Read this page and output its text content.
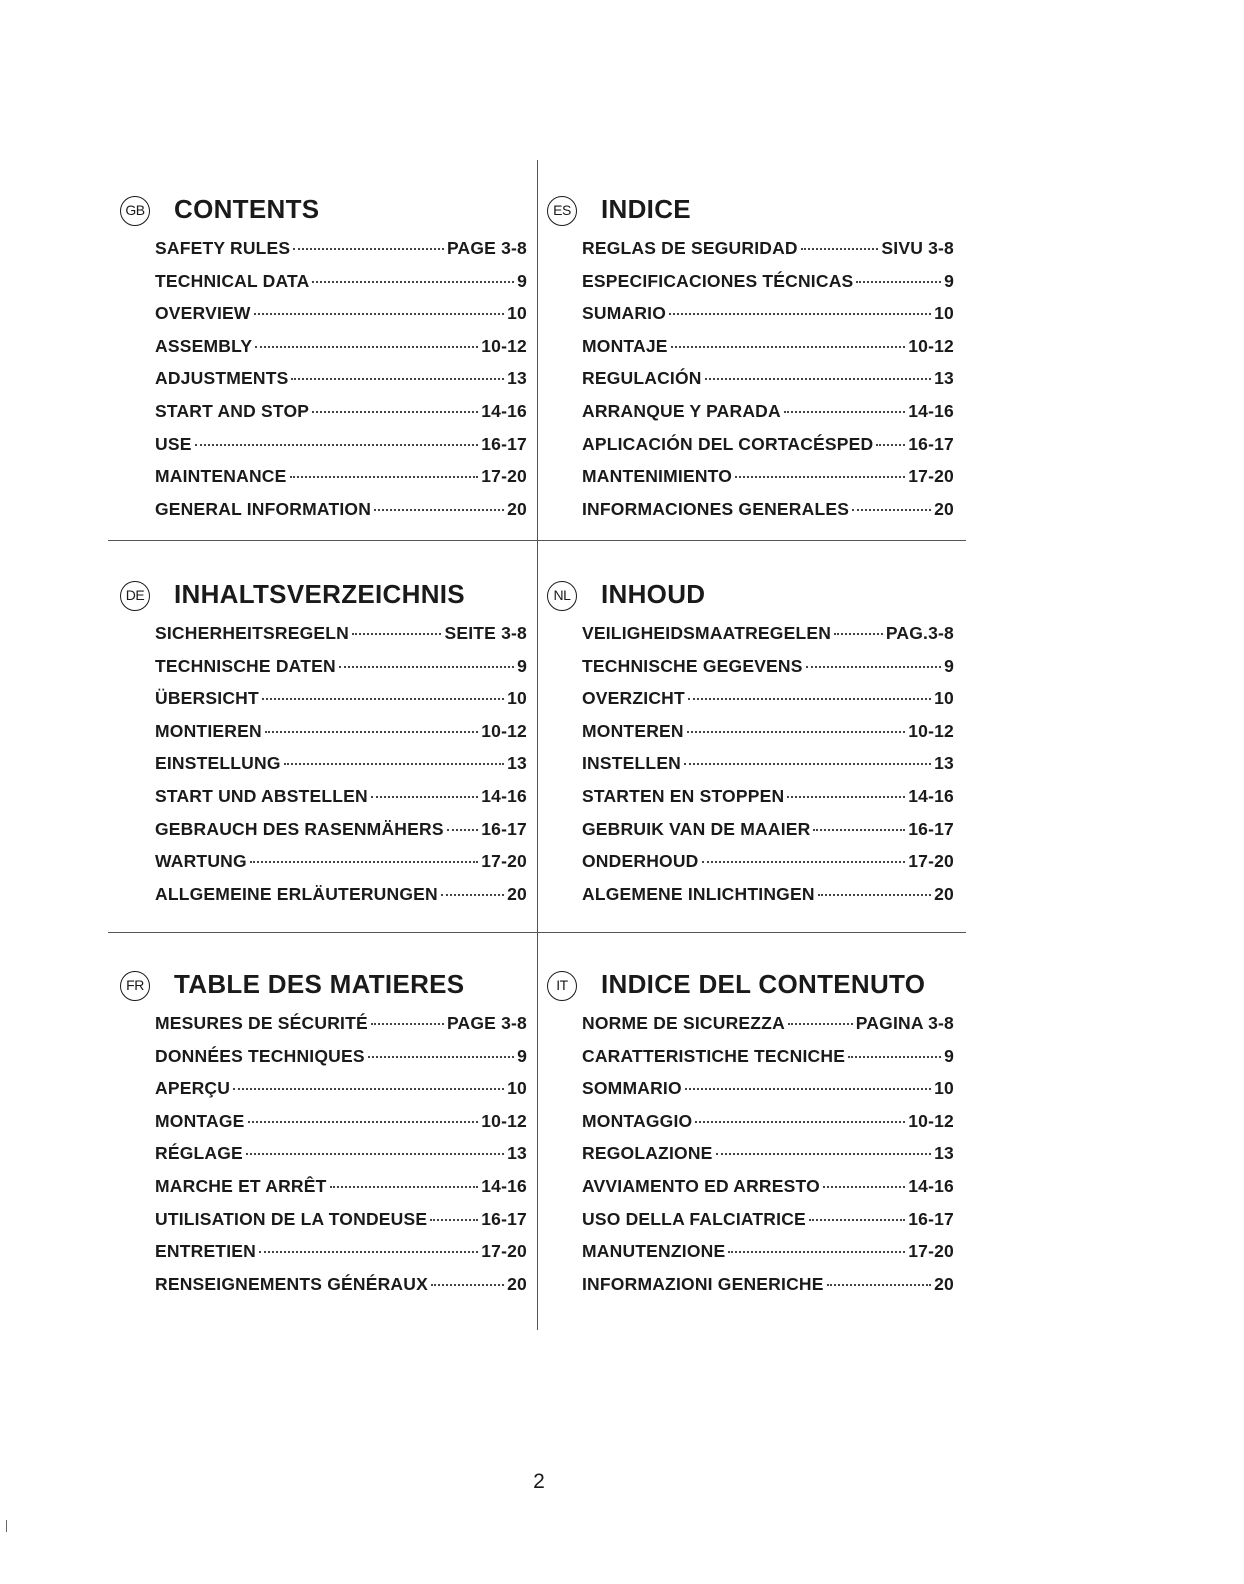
GB CONTENTS
SAFETY RULES	PAGE 3-8
TECHNICAL DATA	9
OVERVIEW	10
ASSEMBLY	10-12
ADJUSTMENTS	13
START AND STOP	14-16
USE	16-17
MAINTENANCE	17-20
GENERAL INFORMATION	20
ES INDICE
REGLAS DE SEGURIDAD	SIVU 3-8
ESPECIFICACIONES TÉCNICAS	9
SUMARIO	10
MONTAJE	10-12
REGULACIÓN	13
ARRANQUE Y PARADA	14-16
APLICACIÓN DEL CORTACÉSPED 16-17
MANTENIMIENTO	17-20
INFORMACIONES GENERALES	20
DE INHALTSVERZEICHNIS
SICHERHEITSREGELN	SEITE 3-8
TECHNISCHE DATEN	9
ÜBERSICHT	10
MONTIEREN	10-12
EINSTELLUNG	13
START UND ABSTELLEN	14-16
GEBRAUCH DES RASENMÄHERS 16-17
WARTUNG	17-20
ALLGEMEINE ERLÄUTERUNGEN	20
NL INHOUD
VEILIGHEIDSMAATREGELEN	PAG.3-8
TECHNISCHE GEGEVENS	9
OVERZICHT	10
MONTEREN	10-12
INSTELLEN	13
STARTEN EN STOPPEN	14-16
GEBRUIK VAN DE MAAIER	16-17
ONDERHOUD	17-20
ALGEMENE INLICHTINGEN	20
FR TABLE DES MATIERES
MESURES DE SÉCURITÉ	PAGE 3-8
DONNÉES TECHNIQUES	9
APERÇU	10
MONTAGE	10-12
RÉGLAGE	13
MARCHE ET ARRÊT	14-16
UTILISATION DE LA TONDEUSE	16-17
ENTRETIEN	17-20
RENSEIGNEMENTS GÉNÉRAUX	20
IT	INDICE DEL CONTENUTO
NORME DE SICUREZZA	PAGINA 3-8
CARATTERISTICHE TECNICHE	9
SOMMARIO	10
MONTAGGIO	10-12
REGOLAZIONE	13
AVVIAMENTO ED ARRESTO	14-16
USO DELLA FALCIATRICE	16-17
MANUTENZIONE	17-20
INFORMAZIONI GENERICHE	20
2
